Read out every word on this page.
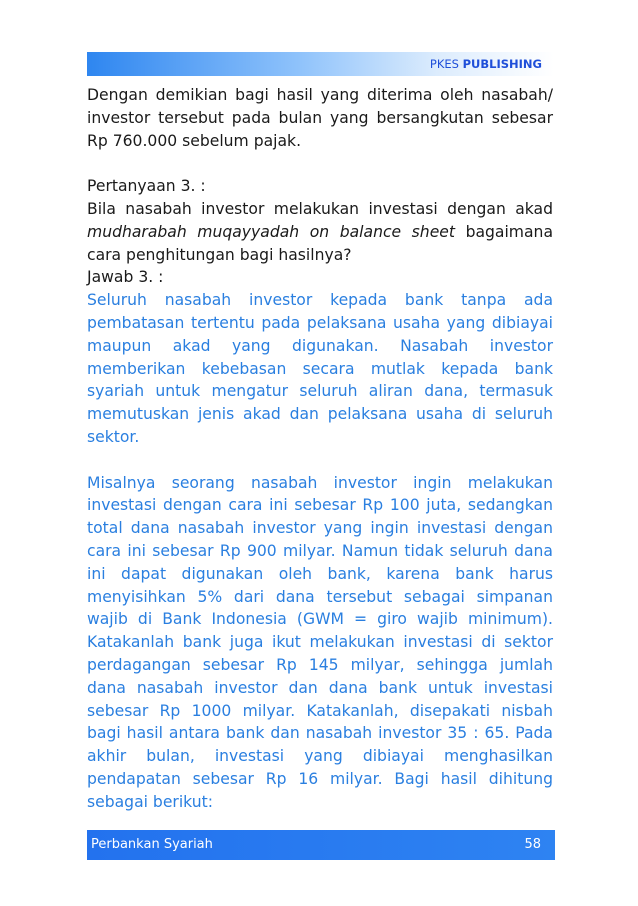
PKES PUBLISHING

Dengan demikian bagi hasil yang diterima oleh nasabah/ investor tersebut pada bulan yang bersangkutan sebesar Rp 760.000 sebelum pajak.

Pertanyaan 3. :

Bila nasabah investor melakukan investasi dengan akad mudharabah muqayyadah on balance sheet bagaimana cara penghitungan bagi hasilnya?

Jawab 3. :

Seluruh nasabah investor kepada bank tanpa ada pembatasan tertentu pada pelaksana usaha yang dibiayai maupun akad yang digunakan. Nasabah investor memberikan kebebasan secara mutlak kepada bank syariah untuk mengatur seluruh aliran dana, termasuk memutuskan jenis akad dan pelaksana usaha di seluruh sektor.

Misalnya seorang nasabah investor ingin melakukan investasi dengan cara ini sebesar Rp 100 juta, sedangkan total dana nasabah investor yang ingin investasi dengan cara ini sebesar Rp 900 milyar. Namun tidak seluruh dana ini dapat digunakan oleh bank, karena bank harus menyisihkan 5% dari dana tersebut sebagai simpanan wajib di Bank Indonesia (GWM = giro wajib minimum). Katakanlah bank juga ikut melakukan investasi di sektor perdagangan sebesar Rp 145 milyar, sehingga jumlah dana nasabah investor dan dana bank untuk investasi sebesar Rp 1000 milyar. Katakanlah, disepakati nisbah bagi hasil antara bank dan nasabah investor 35 : 65. Pada akhir bulan, investasi yang dibiayai menghasilkan pendapatan sebesar Rp 16 milyar. Bagi hasil dihitung sebagai berikut:

Perbankan Syariah	58
